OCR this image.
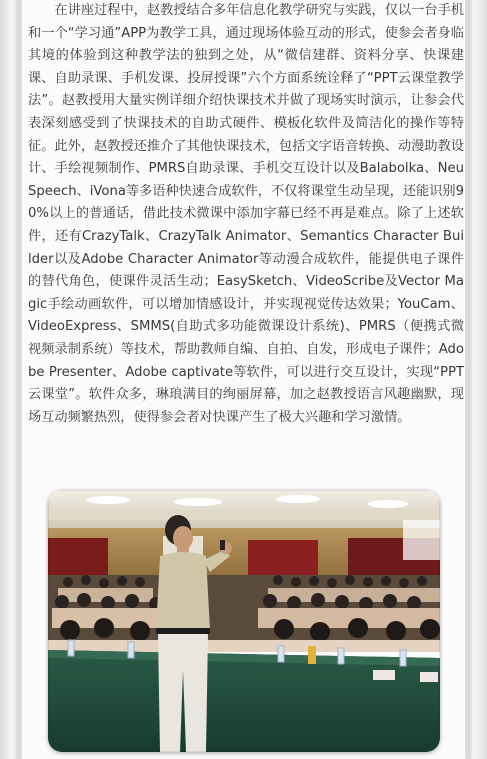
在讲座过程中，赵教授结合多年信息化教学研究与实践，仅以一台手机和一个“学习通”APP为教学工具，通过现场体验互动的形式，使参会者身临其境的体验到这种教学法的独到之处，从“微信建群、资料分享、快课建课、自助录课、手机发课、投屏授课”六个方面系统诠释了“PPT云课堂教学法”。赵教授用大量实例详细介绍快课技术并做了现场实时演示，让参会代表深刻感受到了快课技术的自助式硬件、模板化软件及简洁化的操作等特征。此外，赵教授还推介了其他快课技术，包括文字语音转换、动漫助教设计、手绘视频制作、PMRS自助录课、手机交互设计以及Balabolka、NeuSpeech、iVona等多语种快速合成软件，不仅将课堂生动呈现，还能识别90%以上的普通话，借此技术微课中添加字幕已经不再是难点。除了上述软件，还有CrazyTalk、CrazyTalk Animator、Semantics Character Builder以及Adobe Character Animator等动漫合成软件，能提供电子课件的替代角色，使课件灵活生动；EasySketch、VideoScribe及Vector Magic手绘动画软件，可以增加情感设计，并实现视觉传达效果；YouCam、VideoExpress、SMMS(自助式多功能微课设计系统)、PMRS（便携式微视频录制系统）等技术，帮助教师自编、自拍、自发，形成电子课件；Adobe Presenter、Adobe captivate等软件，可以进行交互设计，实现“PPT云课堂”。软件众多，琳琅满目的绚丽屏幕，加之赵教授语言风趣幽默，现场互动频繁热烈，使得参会者对快课产生了极大兴趣和学习激情。
